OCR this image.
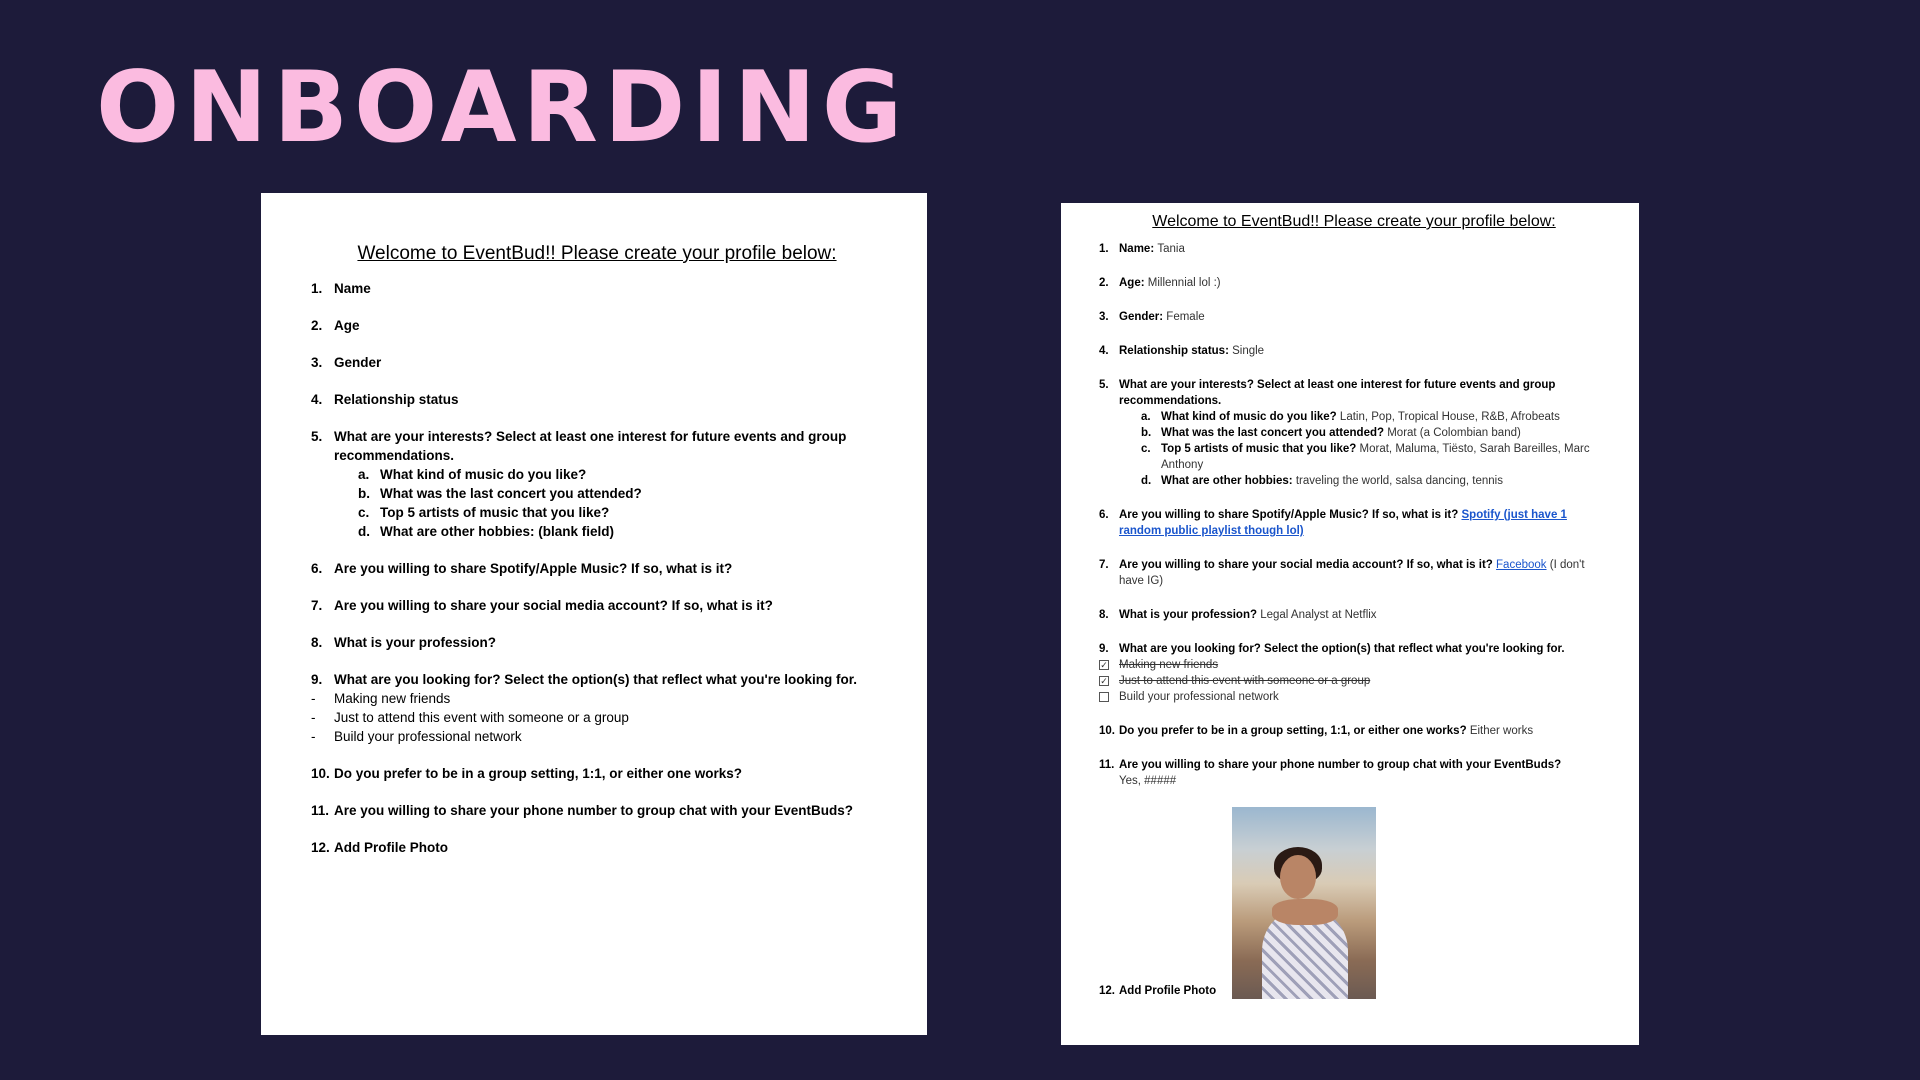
ONBOARDING
Welcome to EventBud!! Please create your profile below:
1. Name
2. Age
3. Gender
4. Relationship status
5. What are your interests? Select at least one interest for future events and group recommendations.
a. What kind of music do you like?
b. What was the last concert you attended?
c. Top 5 artists of music that you like?
d. What are other hobbies: (blank field)
6. Are you willing to share Spotify/Apple Music? If so, what is it?
7. Are you willing to share your social media account? If so, what is it?
8. What is your profession?
9. What are you looking for? Select the option(s) that reflect what you're looking for.
-	Making new friends
-	Just to attend this event with someone or a group
-	Build your professional network
10. Do you prefer to be in a group setting, 1:1, or either one works?
11. Are you willing to share your phone number to group chat with your EventBuds?
12. Add Profile Photo
Welcome to EventBud!! Please create your profile below:
1. Name: Tania
2. Age: Millennial lol :)
3. Gender: Female
4. Relationship status: Single
5. What are your interests? Select at least one interest for future events and group recommendations.
a. What kind of music do you like? Latin, Pop, Tropical House, R&B, Afrobeats
b. What was the last concert you attended? Morat (a Colombian band)
c. Top 5 artists of music that you like? Morat, Maluma, Tiësto, Sarah Bareilles, Marc Anthony
d. What are other hobbies: traveling the world, salsa dancing, tennis
6. Are you willing to share Spotify/Apple Music? If so, what is it? Spotify (just have 1 random public playlist though lol)
7. Are you willing to share your social media account? If so, what is it? Facebook (I don't have IG)
8. What is your profession? Legal Analyst at Netflix
9. What are you looking for? Select the option(s) that reflect what you're looking for.
✓ Making new friends
✓ Just to attend this event with someone or a group
Build your professional network
10. Do you prefer to be in a group setting, 1:1, or either one works? Either works
11. Are you willing to share your phone number to group chat with your EventBuds?
Yes, #####
12. Add Profile Photo
